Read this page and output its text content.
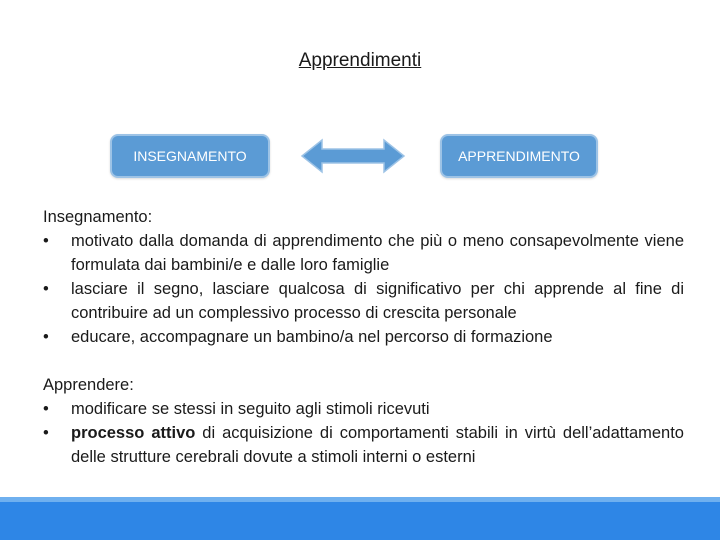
Apprendimenti
INSEGNAMENTO	APPRENDIMENTO
Insegnamento:
• motivato dalla domanda di apprendimento che più o meno consapevolmente viene formulata dai bambini/e e dalle loro famiglie
• lasciare il segno, lasciare qualcosa di significativo per chi apprende al fine di contribuire ad un complessivo processo di crescita personale
• educare, accompagnare un bambino/a nel percorso di formazione
Apprendere:
• modificare se stessi in seguito agli stimoli ricevuti
• processo attivo di acquisizione di comportamenti stabili in virtù dell’adattamento delle strutture cerebrali dovute a stimoli interni o esterni
